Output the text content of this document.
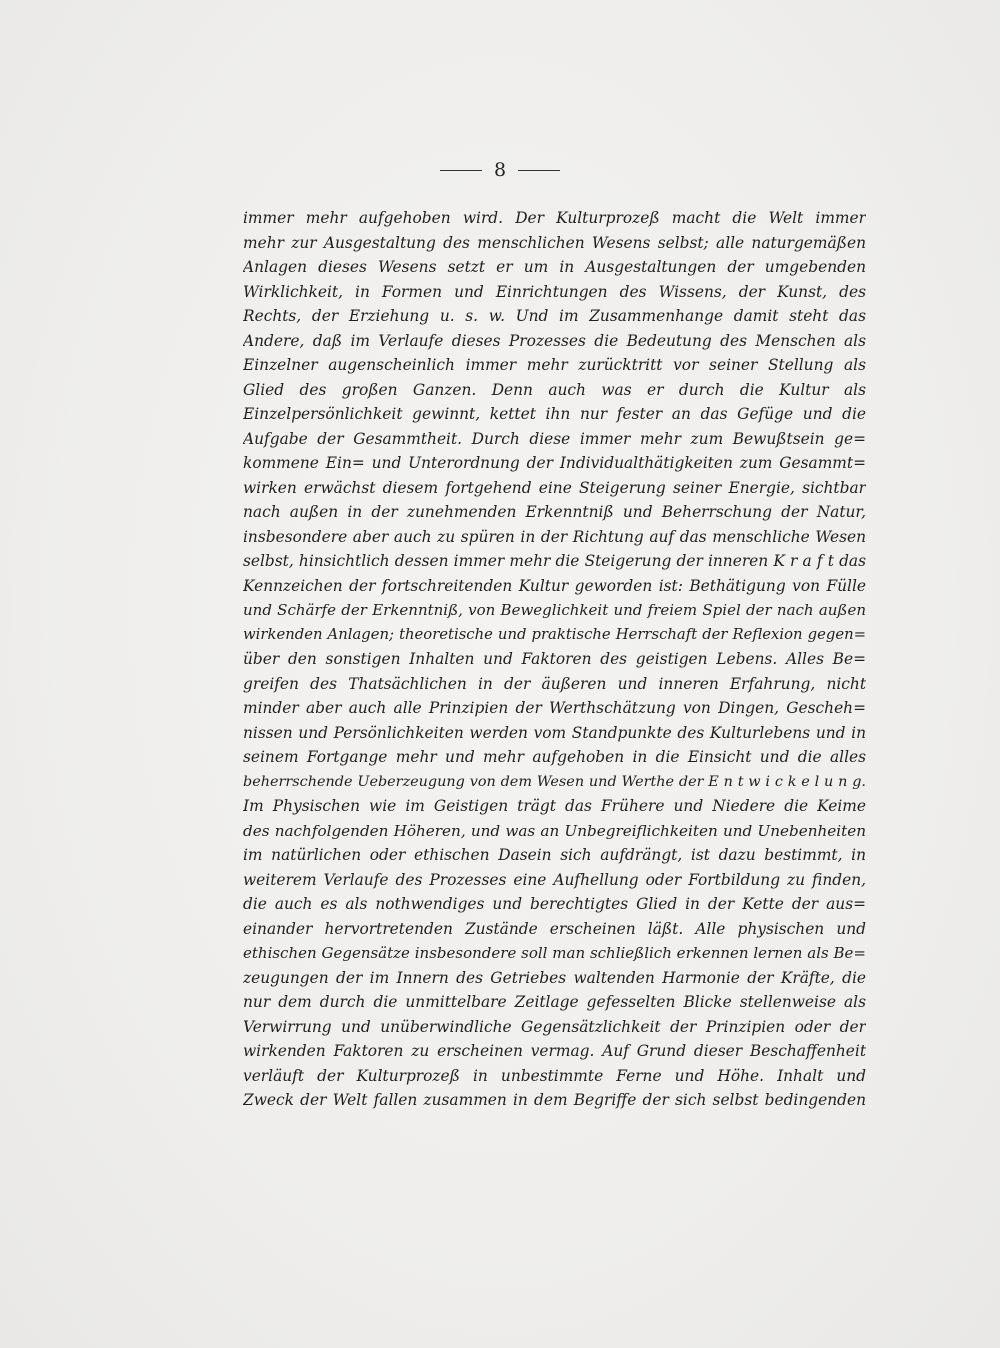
8
immer mehr aufgehoben wird. Der Kulturprozeß macht die Welt immer
mehr zur Ausgestaltung des menschlichen Wesens selbst; alle naturgemäßen
Anlagen dieses Wesens setzt er um in Ausgestaltungen der umgebenden
Wirklichkeit, in Formen und Einrichtungen des Wissens, der Kunst, des
Rechts, der Erziehung u. s. w. Und im Zusammenhange damit steht das
Andere, daß im Verlaufe dieses Prozesses die Bedeutung des Menschen als
Einzelner augenscheinlich immer mehr zurücktritt vor seiner Stellung als
Glied des großen Ganzen. Denn auch was er durch die Kultur als
Einzelpersönlichkeit gewinnt, kettet ihn nur fester an das Gefüge und die
Aufgabe der Gesammtheit. Durch diese immer mehr zum Bewußtsein ge=
kommene Ein= und Unterordnung der Individualthätigkeiten zum Gesammt=
wirken erwächst diesem fortgehend eine Steigerung seiner Energie, sichtbar
nach außen in der zunehmenden Erkenntniß und Beherrschung der Natur,
insbesondere aber auch zu spüren in der Richtung auf das menschliche Wesen
selbst, hinsichtlich dessen immer mehr die Steigerung der inneren K r a f t das
Kennzeichen der fortschreitenden Kultur geworden ist: Bethätigung von Fülle
und Schärfe der Erkenntniß, von Beweglichkeit und freiem Spiel der nach außen
wirkenden Anlagen; theoretische und praktische Herrschaft der Reflexion gegen=
über den sonstigen Inhalten und Faktoren des geistigen Lebens. Alles Be=
greifen des Thatsächlichen in der äußeren und inneren Erfahrung, nicht
minder aber auch alle Prinzipien der Werthschätzung von Dingen, Gescheh=
nissen und Persönlichkeiten werden vom Standpunkte des Kulturlebens und in
seinem Fortgange mehr und mehr aufgehoben in die Einsicht und die alles
beherrschende Ueberzeugung von dem Wesen und Werthe der E n t w i c k e l u n g.
Im Physischen wie im Geistigen trägt das Frühere und Niedere die Keime
des nachfolgenden Höheren, und was an Unbegreiflichkeiten und Unebenheiten
im natürlichen oder ethischen Dasein sich aufdrängt, ist dazu bestimmt, in
weiterem Verlaufe des Prozesses eine Aufhellung oder Fortbildung zu finden,
die auch es als nothwendiges und berechtigtes Glied in der Kette der aus=
einander hervortretenden Zustände erscheinen läßt. Alle physischen und
ethischen Gegensätze insbesondere soll man schließlich erkennen lernen als Be=
zeugungen der im Innern des Getriebes waltenden Harmonie der Kräfte, die
nur dem durch die unmittelbare Zeitlage gefesselten Blicke stellenweise als
Verwirrung und unüberwindliche Gegensätzlichkeit der Prinzipien oder der
wirkenden Faktoren zu erscheinen vermag. Auf Grund dieser Beschaffenheit
verläuft der Kulturprozeß in unbestimmte Ferne und Höhe. Inhalt und
Zweck der Welt fallen zusammen in dem Begriffe der sich selbst bedingenden
